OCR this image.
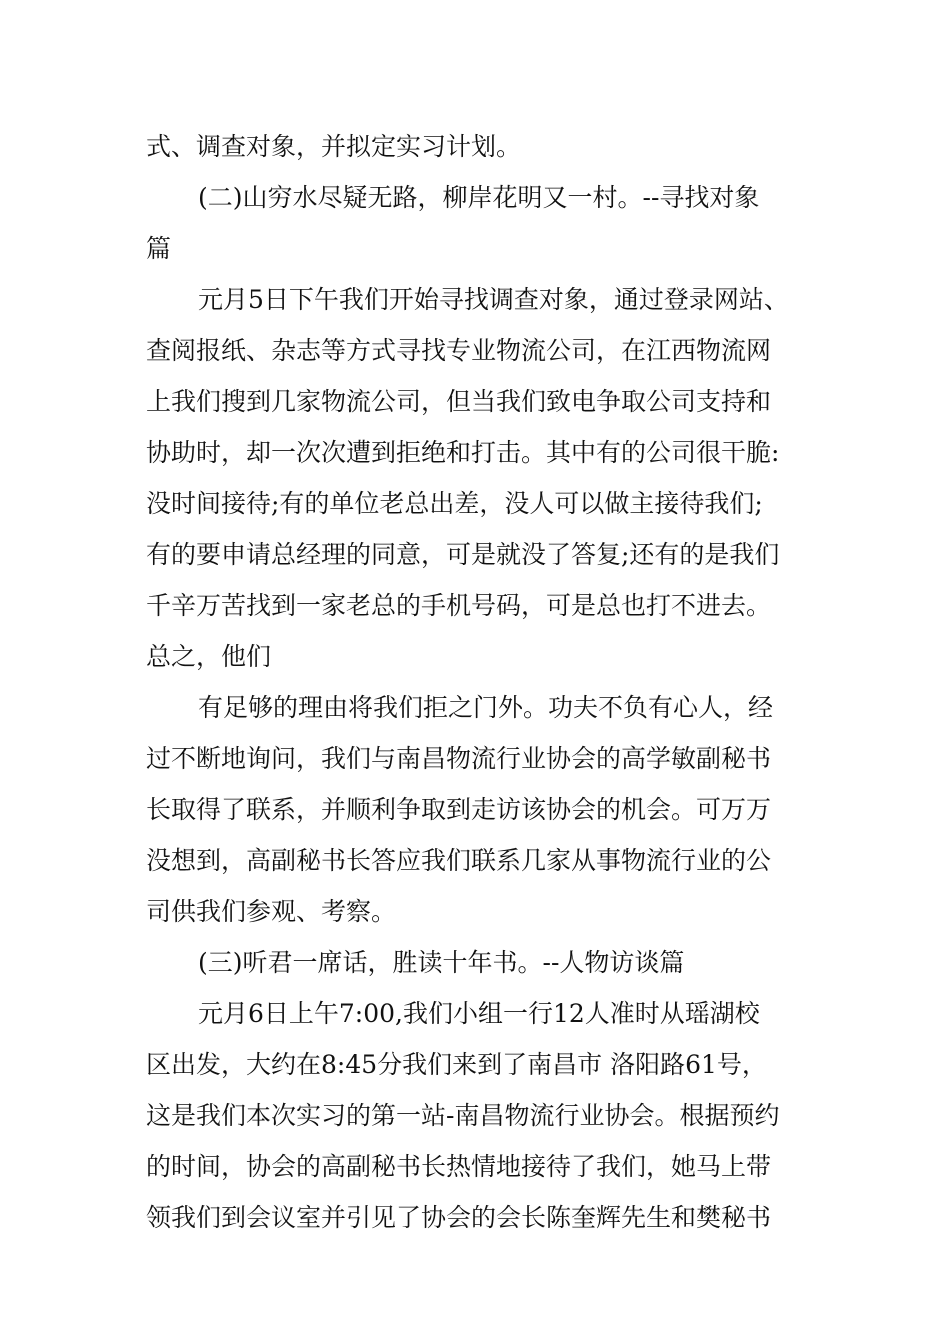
式、调查对象，并拟定实习计划。
(二)山穷水尽疑无路，柳岸花明又一村。--寻找对象
篇
元月5日下午我们开始寻找调查对象，通过登录网站、
查阅报纸、杂志等方式寻找专业物流公司，在江西物流网
上我们搜到几家物流公司，但当我们致电争取公司支持和
协助时，却一次次遭到拒绝和打击。其中有的公司很干脆:
没时间接待;有的单位老总出差，没人可以做主接待我们;
有的要申请总经理的同意，可是就没了答复;还有的是我们
千辛万苦找到一家老总的手机号码，可是总也打不进去。
总之，他们
有足够的理由将我们拒之门外。功夫不负有心人，经
过不断地询问，我们与南昌物流行业协会的高学敏副秘书
长取得了联系，并顺利争取到走访该协会的机会。可万万
没想到，高副秘书长答应我们联系几家从事物流行业的公
司供我们参观、考察。
(三)听君一席话，胜读十年书。--人物访谈篇
元月6日上午7:00,我们小组一行12人准时从瑶湖校
区出发，大约在8:45分我们来到了南昌市 洛阳路61号，
这是我们本次实习的第一站-南昌物流行业协会。根据预约
的时间，协会的高副秘书长热情地接待了我们，她马上带
领我们到会议室并引见了协会的会长陈奎辉先生和樊秘书
